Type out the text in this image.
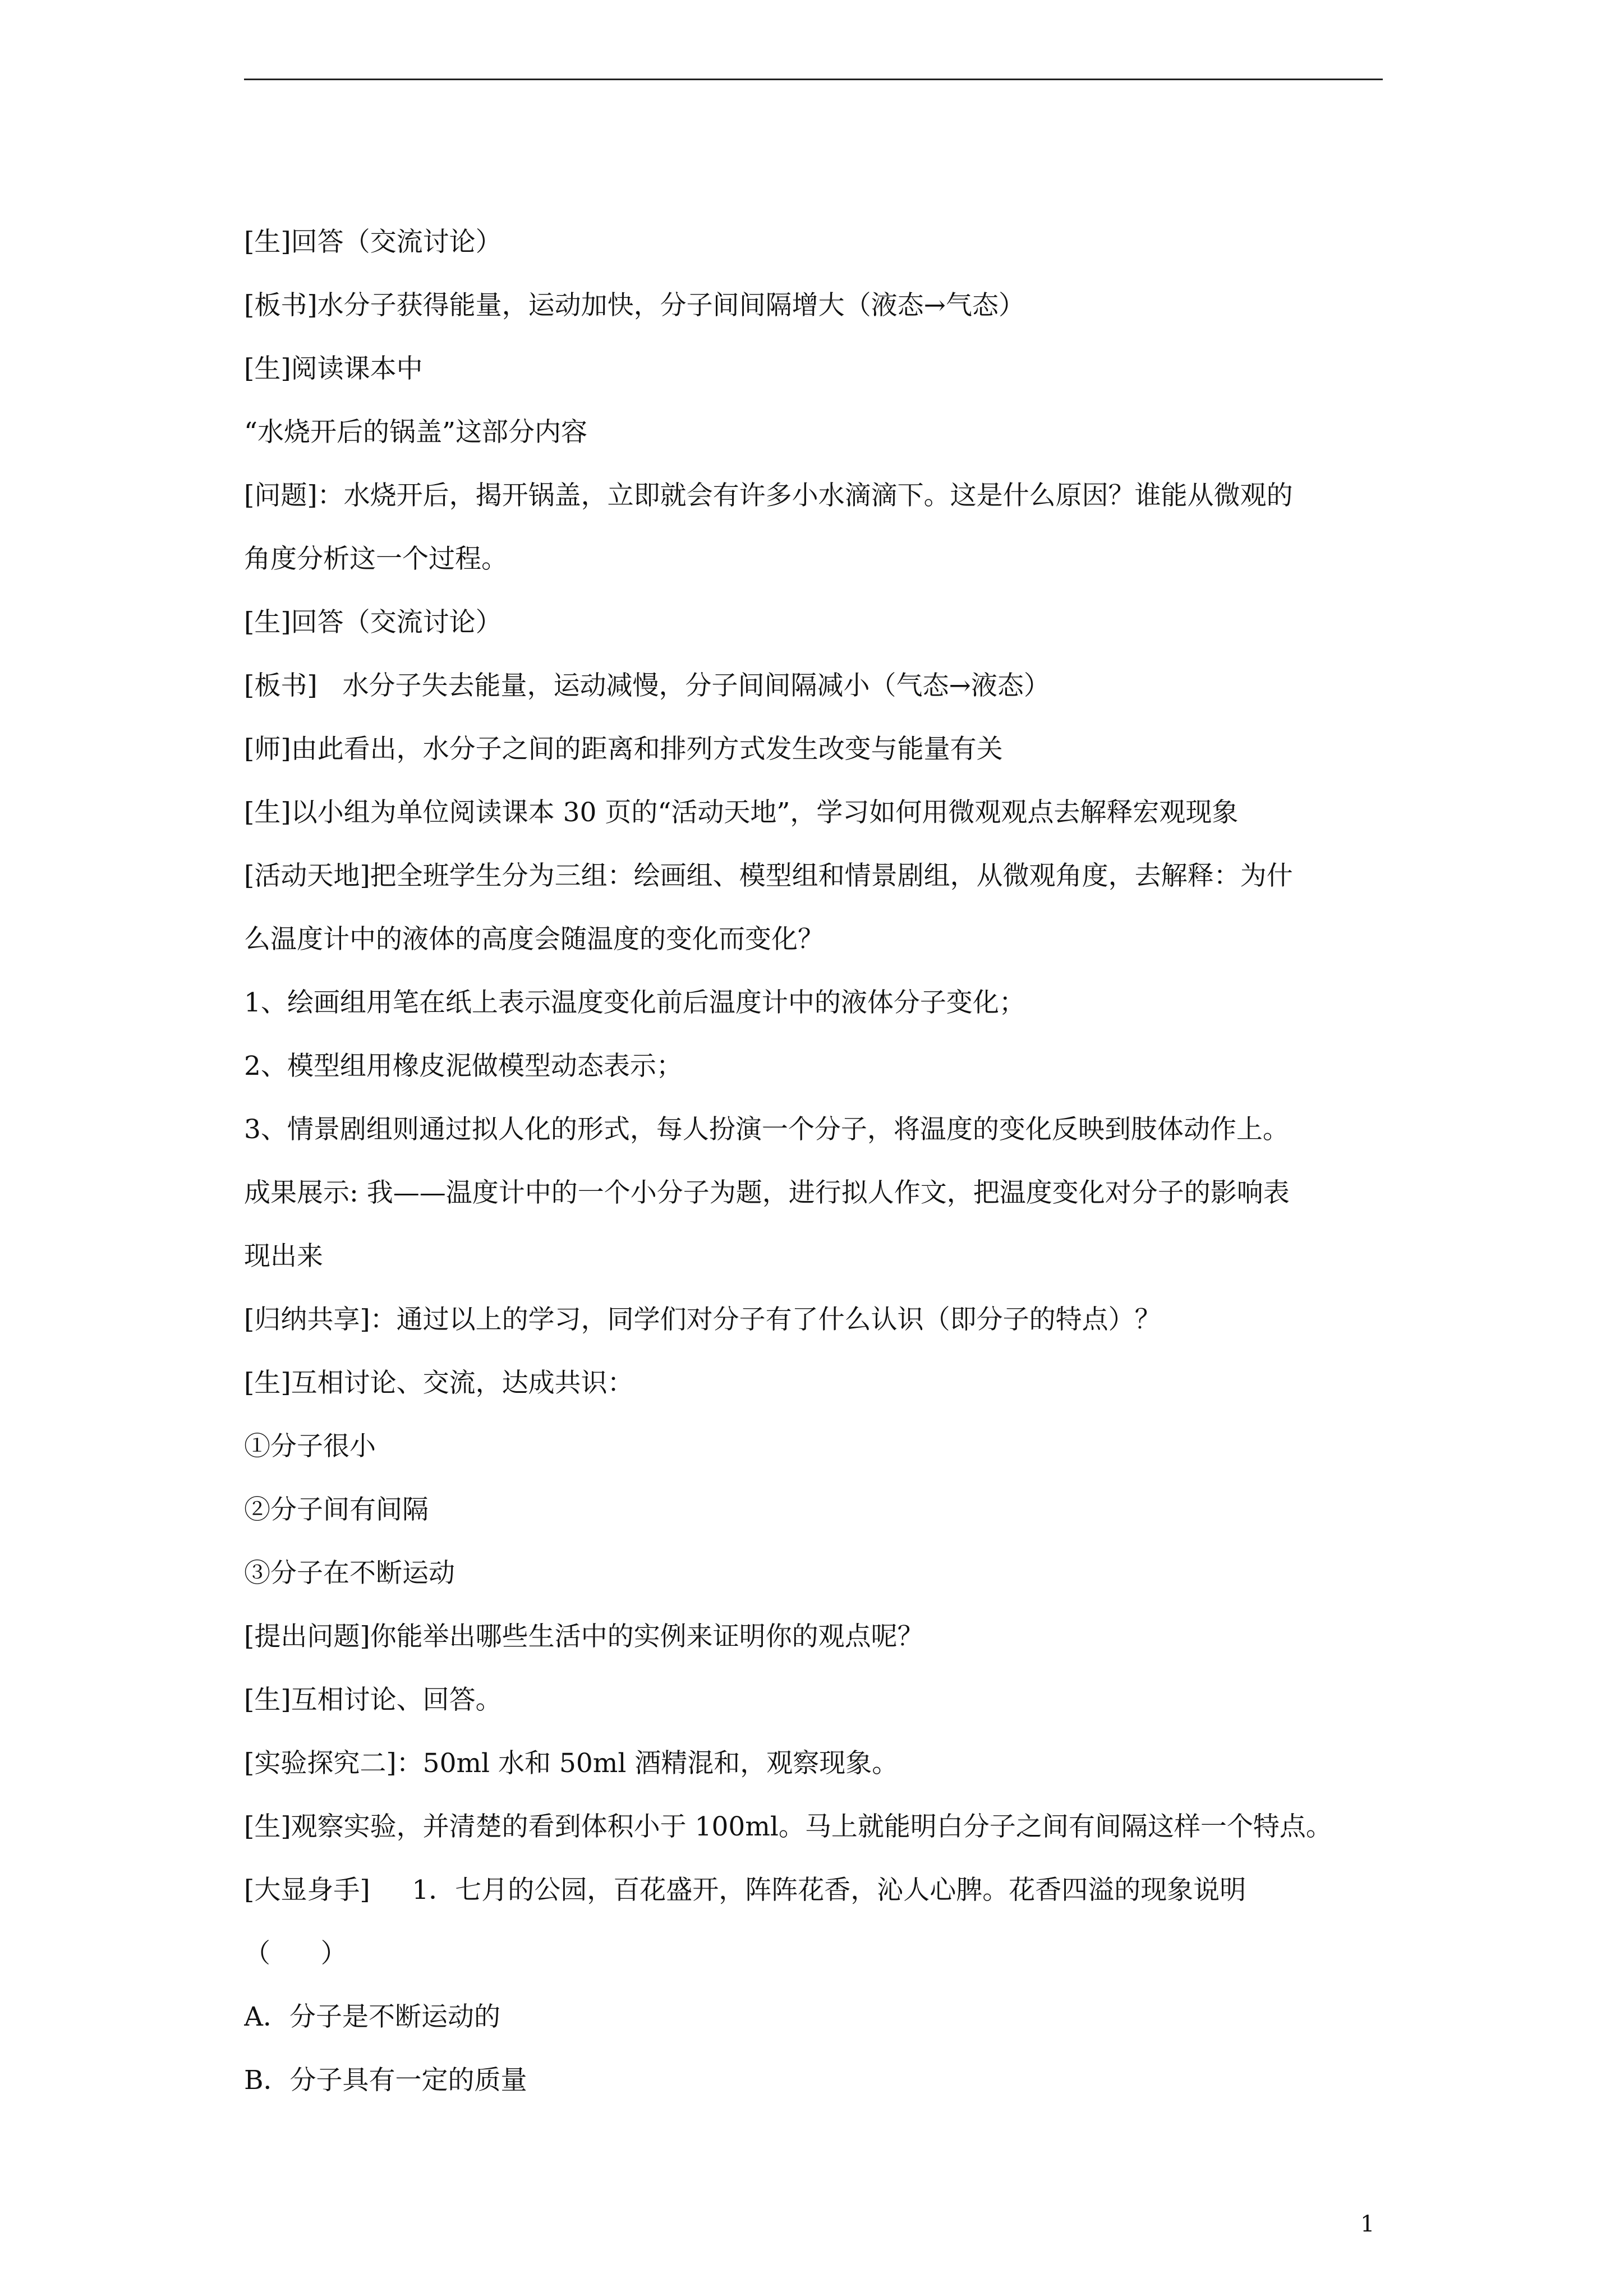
[生]回答（交流讨论）
[板书]水分子获得能量，运动加快，分子间间隔增大（液态→气态）
[生]阅读课本中
“水烧开后的锅盖”这部分内容
[问题]：水烧开后，揭开锅盖，立即就会有许多小水滴滴下。这是什么原因？谁能从微观的
角度分析这一个过程。
[生]回答（交流讨论）
[板书]   水分子失去能量，运动减慢，分子间间隔减小（气态→液态）
[师]由此看出，水分子之间的距离和排列方式发生改变与能量有关
[生]以小组为单位阅读课本 30 页的“活动天地”，学习如何用微观观点去解释宏观现象
[活动天地]把全班学生分为三组：绘画组、模型组和情景剧组，从微观角度，去解释：为什
么温度计中的液体的高度会随温度的变化而变化？
1、绘画组用笔在纸上表示温度变化前后温度计中的液体分子变化；
2、模型组用橡皮泥做模型动态表示；
3、情景剧组则通过拟人化的形式，每人扮演一个分子，将温度的变化反映到肢体动作上。
成果展示: 我——温度计中的一个小分子为题，进行拟人作文，把温度变化对分子的影响表
现出来
[归纳共享]：通过以上的学习，同学们对分子有了什么认识（即分子的特点）？
[生]互相讨论、交流，达成共识：
①分子很小
②分子间有间隔
③分子在不断运动
[提出问题]你能举出哪些生活中的实例来证明你的观点呢？
[生]互相讨论、回答。
[实验探究二]：50ml 水和 50ml 酒精混和，观察现象。
[生]观察实验，并清楚的看到体积小于 100ml。马上就能明白分子之间有间隔这样一个特点。
[大显身手]     1．七月的公园，百花盛开，阵阵花香，沁人心脾。花香四溢的现象说明
（      ）
A．分子是不断运动的
B．分子具有一定的质量
1
